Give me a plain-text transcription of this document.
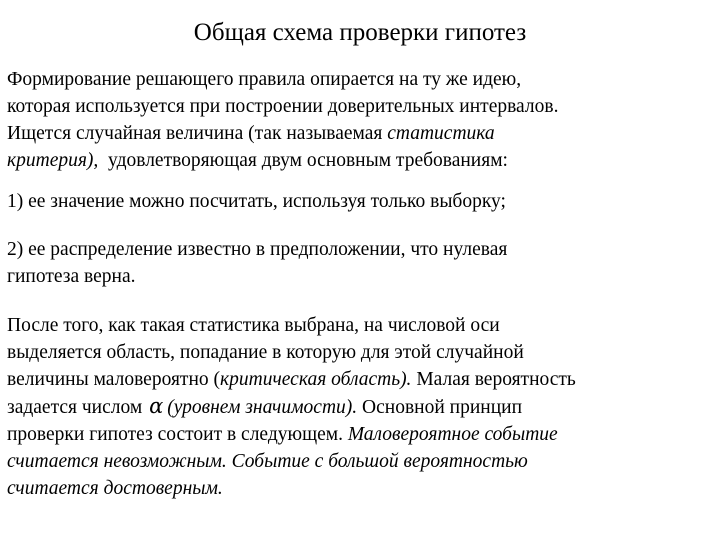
Общая схема проверки гипотез

Формирование решающего правила опирается на ту же идею,
которая используется при построении доверительных интервалов.
Ищется случайная величина (так называемая статистика
критерия),  удовлетворяющая двум основным требованиям:

1) ее значение можно посчитать, используя только выборку;

2) ее распределение известно в предположении, что нулевая
гипотеза верна.

После того, как такая статистика выбрана, на числовой оси
выделяется область, попадание в которую для этой случайной
величины маловероятно (критическая область). Малая вероятность
задается числом α (уровнем значимости). Основной принцип
проверки гипотез состоит в следующем. Маловероятное событие
считается невозможным. Событие с большой вероятностью
считается достоверным.
